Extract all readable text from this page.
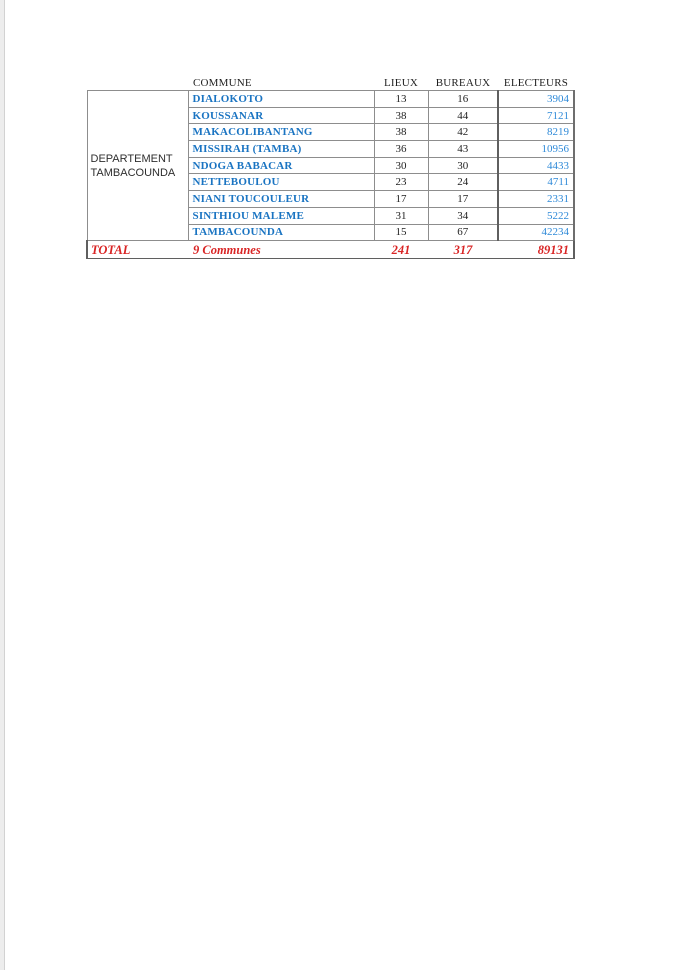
	COMMUNE	LIEUX	BUREAUX	ELECTEURS
DEPARTEMENT
TAMBACOUNDA	DIALOKOTO	13	16	3904
	KOUSSANAR	38	44	7121
	MAKACOLIBANTANG	38	42	8219
	MISSIRAH (TAMBA)	36	43	10956
	NDOGA BABACAR	30	30	4433
	NETTEBOULOU	23	24	4711
	NIANI TOUCOULEUR	17	17	2331
	SINTHIOU MALEME	31	34	5222
	TAMBACOUNDA	15	67	42234
TOTAL	9 Communes	241	317	89131
